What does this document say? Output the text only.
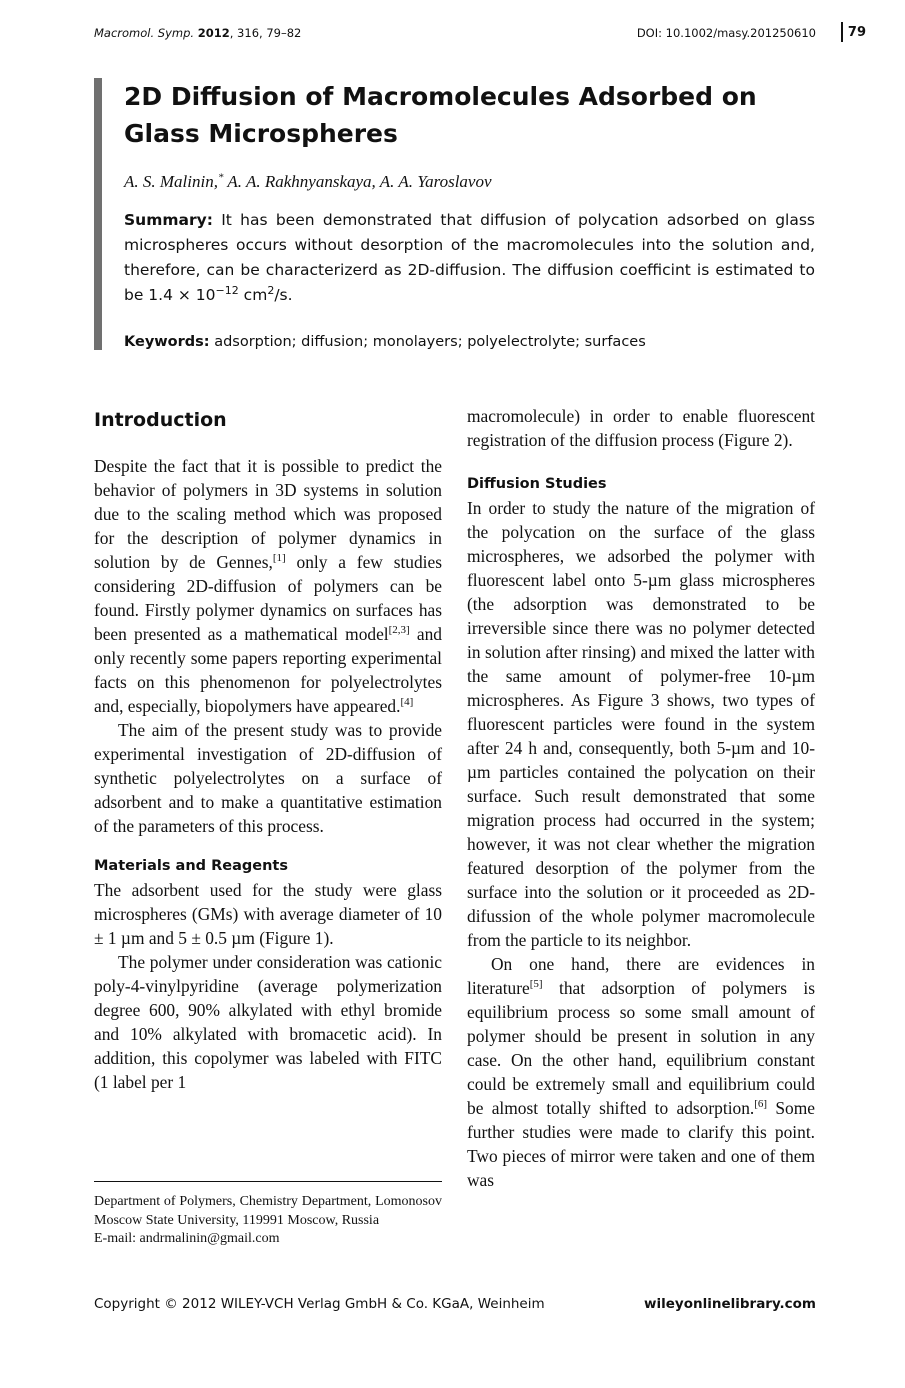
Macromol. Symp. 2012, 316, 79–82	DOI: 10.1002/masy.201250610	79
2D Diffusion of Macromolecules Adsorbed on Glass Microspheres
A. S. Malinin,* A. A. Rakhnyanskaya, A. A. Yaroslavov
Summary: It has been demonstrated that diffusion of polycation adsorbed on glass microspheres occurs without desorption of the macromolecules into the solution and, therefore, can be characterizerd as 2D-diffusion. The diffusion coefficint is estimated to be $1.4 \times 10^{-12}$ $cm^2/s$.
Keywords: adsorption; diffusion; monolayers; polyelectrolyte; surfaces
Introduction

Despite the fact that it is possible to predict the behavior of polymers in 3D systems in solution due to the scaling method which was proposed for the description of polymer dynamics in solution by de Gennes,[1] only a few studies considering 2D-diffusion of polymers can be found. Firstly polymer dynamics on surfaces has been presented as a mathematical model[2,3] and only recently some papers reporting experimental facts on this phenomenon for polyelectrolytes and, especially, biopolymers have appeared.[4]

The aim of the present study was to provide experimental investigation of 2D-diffusion of synthetic polyelectrolytes on a surface of adsorbent and to make a quantitative estimation of the parameters of this process.

Materials and Reagents

The adsorbent used for the study were glass microspheres (GMs) with average diameter of 10 ± 1 µm and 5 ± 0.5 µm (Figure 1).

The polymer under consideration was cationic poly-4-vinylpyridine (average polymerization degree 600, 90% alkylated with ethyl bromide and 10% alkylated with bromacetic acid). In addition, this copolymer was labeled with FITC (1 label per 1

Department of Polymers, Chemistry Department, Lomonosov Moscow State University, 119991 Moscow, Russia

E-mail: andrmalinin@gmail.com

macromolecule) in order to enable fluorescent registration of the diffusion process (Figure 2).

Diffusion Studies

In order to study the nature of the migration of the polycation on the surface of the glass microspheres, we adsorbed the polymer with fluorescent label onto 5-µm glass microspheres (the adsorption was demonstrated to be irreversible since there was no polymer detected in solution after rinsing) and mixed the latter with the same amount of polymer-free 10-µm microspheres. As Figure 3 shows, two types of fluorescent particles were found in the system after 24 h and, consequently, both 5-µm and 10-µm particles contained the polycation on their surface. Such result demonstrated that some migration process had occurred in the system; however, it was not clear whether the migration featured desorption of the polymer from the surface into the solution or it proceeded as 2D-difussion of the whole polymer macromolecule from the particle to its neighbor.

On one hand, there are evidences in literature[5] that adsorption of polymers is equilibrium process so some small amount of polymer should be present in solution in any case. On the other hand, equilibrium constant could be extremely small and equilibrium could be almost totally shifted to adsorption.[6] Some further studies were made to clarify this point. Two pieces of mirror were taken and one of them was

Copyright © 2012 WILEY-VCH Verlag GmbH & Co. KGaA, Weinheim	wileyonlinelibrary.com
